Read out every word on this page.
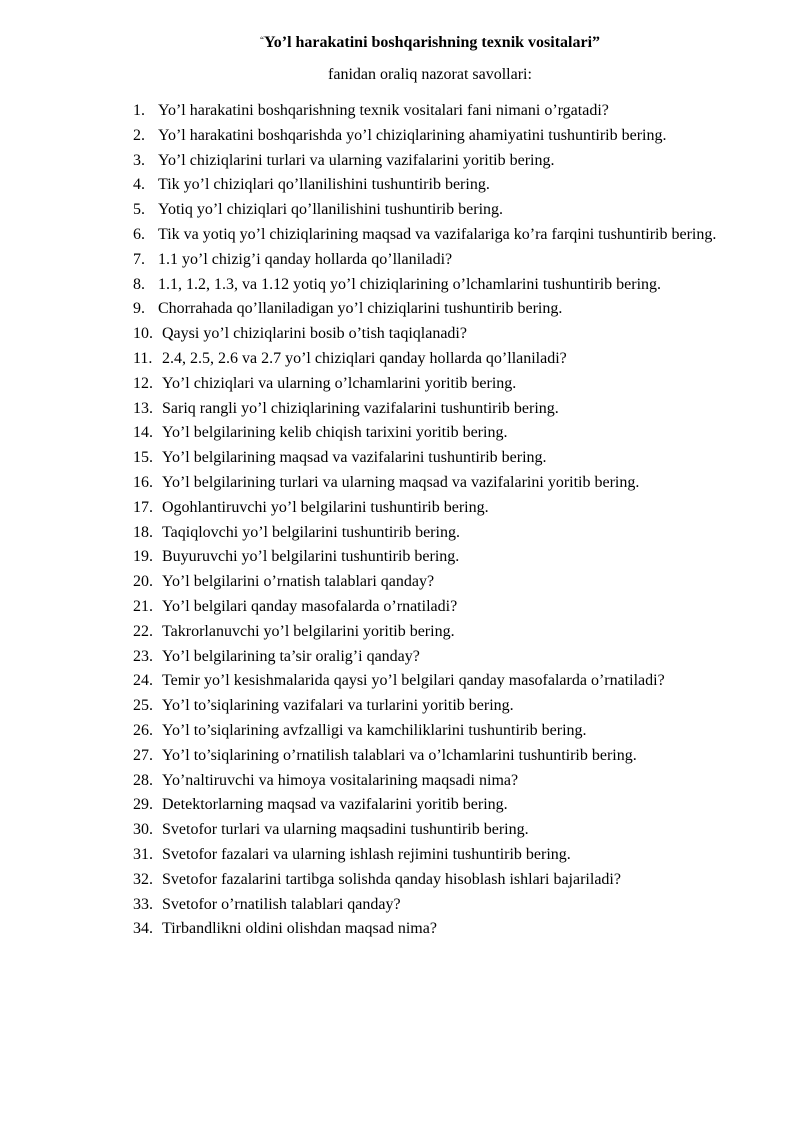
“Yo’l harakatini boshqarishning texnik vositalari”
fanidan oraliq nazorat savollari:
1. Yo’l harakatini boshqarishning texnik vositalari fani nimani o’rgatadi?
2. Yo’l harakatini boshqarishda yo’l chiziqlarining ahamiyatini tushuntirib bering.
3. Yo’l chiziqlarini turlari va ularning vazifalarini yoritib bering.
4. Tik yo’l chiziqlari qo’llanilishini tushuntirib bering.
5. Yotiq yo’l chiziqlari qo’llanilishini tushuntirib bering.
6. Tik va yotiq yo’l chiziqlarining maqsad va vazifalariga ko’ra farqini tushuntirib bering.
7. 1.1 yo’l chizig’i qanday hollarda qo’llaniladi?
8. 1.1, 1.2, 1.3, va 1.12 yotiq yo’l chiziqlarining o’lchamlarini tushuntirib bering.
9. Chorrahada qo’llaniladigan yo’l chiziqlarini tushuntirib bering.
10. Qaysi yo’l chiziqlarini bosib o’tish taqiqlanadi?
11. 2.4, 2.5, 2.6 va 2.7 yo’l chiziqlari qanday hollarda qo’llaniladi?
12. Yo’l chiziqlari va ularning o’lchamlarini yoritib bering.
13. Sariq rangli yo’l chiziqlarining vazifalarini tushuntirib bering.
14. Yo’l belgilarining kelib chiqish tarixini yoritib bering.
15. Yo’l belgilarining maqsad va vazifalarini tushuntirib bering.
16. Yo’l belgilarining turlari va ularning maqsad va vazifalarini yoritib bering.
17. Ogohlantiruvchi yo’l belgilarini tushuntirib bering.
18. Taqiqlovchi yo’l belgilarini tushuntirib bering.
19. Buyuruvchi yo’l belgilarini tushuntirib bering.
20. Yo’l belgilarini o’rnatish talablari qanday?
21. Yo’l belgilari qanday masofalarda o’rnatiladi?
22. Takrorlanuvchi yo’l belgilarini yoritib bering.
23. Yo’l belgilarining ta’sir oralig’i qanday?
24. Temir yo’l kesishmalarida qaysi yo’l belgilari qanday masofalarda o’rnatiladi?
25. Yo’l to’siqlarining vazifalari va turlarini yoritib bering.
26. Yo’l to’siqlarining avfzalligi va kamchiliklarini tushuntirib bering.
27. Yo’l to’siqlarining o’rnatilish talablari va o’lchamlarini tushuntirib bering.
28. Yo’naltiruvchi va himoya vositalarining maqsadi nima?
29. Detektorlarning maqsad va vazifalarini yoritib bering.
30. Svetofor turlari va ularning maqsadini tushuntirib bering.
31. Svetofor fazalari va ularning ishlash rejimini tushuntirib bering.
32. Svetofor fazalarini tartibga solishda qanday hisoblash ishlari bajariladi?
33. Svetofor o’rnatilish talablari qanday?
34. Tirbandlikni oldini olishdan maqsad nima?
